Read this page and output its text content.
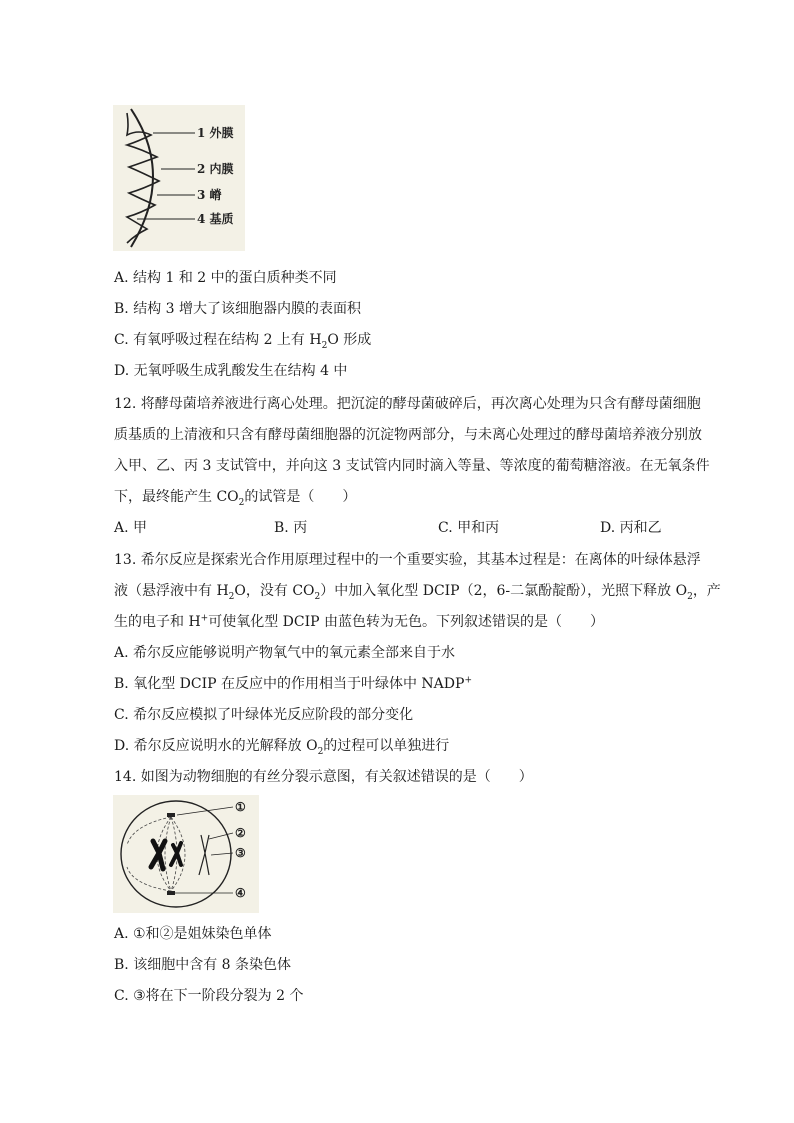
1 外膜
2 内膜
3 嵴
4 基质
A. 结构 1 和 2 中的蛋白质种类不同
B. 结构 3 增大了该细胞器内膜的表面积
C. 有氧呼吸过程在结构 2 上有 $H_2O$ 形成
D. 无氧呼吸生成乳酸发生在结构 4 中
12. 将酵母菌培养液进行离心处理。把沉淀的酵母菌破碎后，再次离心处理为只含有酵母菌细胞
质基质的上清液和只含有酵母菌细胞器的沉淀物两部分，与未离心处理过的酵母菌培养液分别放
入甲、乙、丙 3 支试管中，并向这 3 支试管内同时滴入等量、等浓度的葡萄糖溶液。在无氧条件
下，最终能产生 $CO_2$的试管是（　　）
A. 甲	B. 丙	C. 甲和丙	D. 丙和乙
13. 希尔反应是探索光合作用原理过程中的一个重要实验，其基本过程是：在离体的叶绿体悬浮
液（悬浮液中有 $H_2O$，没有 $CO_2$）中加入氧化型 DCIP（2，6-二氯酚靛酚），光照下释放 $O_2$，产
生的电子和 H+可使氧化型 DCIP 由蓝色转为无色。下列叙述错误的是（　　）
A. 希尔反应能够说明产物氧气中的氧元素全部来自于水
B. 氧化型 DCIP 在反应中的作用相当于叶绿体中 NADP+
C. 希尔反应模拟了叶绿体光反应阶段的部分变化
D. 希尔反应说明水的光解释放 $O_2$的过程可以单独进行
14. 如图为动物细胞的有丝分裂示意图，有关叙述错误的是（　　）
①
②
③
④
A. ①和②是姐妹染色单体
B. 该细胞中含有 8 条染色体
C. ③将在下一阶段分裂为 2 个
